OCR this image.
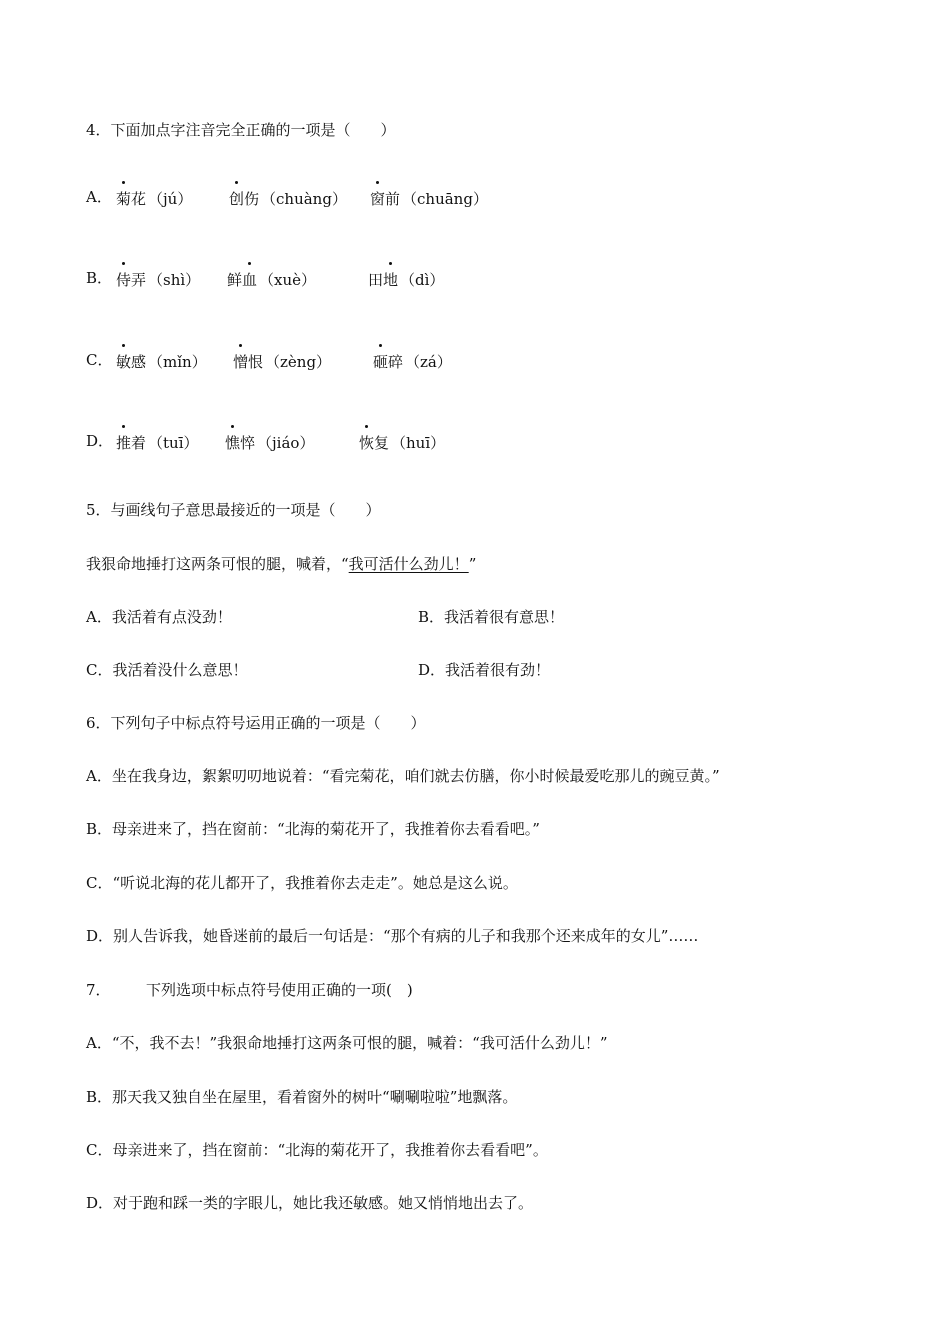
4．下面加点字注音完全正确的一项是（　　）
A． 菊花 （jú） 创伤 （chuàng） 窗前 （chuāng）
B． 侍弄 （shì） 鲜血 （xuè）	田地 （dì）
C． 敏感 （mǐn） 憎恨 （zèng）	砸碎 （zá）
D． 推着 （tuī） 憔悴 （jiáo）	恢复 （huī）
5．与画线句子意思最接近的一项是（　　）
我狠命地捶打这两条可恨的腿，喊着，“我可活什么劲儿！”
A．我活着有点没劲！	B．我活着很有意思！
C．我活着没什么意思！	D．我活着很有劲！
6．下列句子中标点符号运用正确的一项是（　　）
A．坐在我身边，絮絮叨叨地说着：“看完菊花，咱们就去仿膳，你小时候最爱吃那儿的豌豆黄。”
B．母亲进来了，挡在窗前：“北海的菊花开了，我推着你去看看吧。”
C．“听说北海的花儿都开了，我推着你去走走”。她总是这么说。
D．别人告诉我，她昏迷前的最后一句话是：“那个有病的儿子和我那个还来成年的女儿”……
7． 下列选项中标点符号使用正确的一项(　)
A．“不，我不去！”我狠命地捶打这两条可恨的腿，喊着：“我可活什么劲儿！”
B．那天我又独自坐在屋里，看着窗外的树叶“唰唰啦啦”地飘落。
C．母亲进来了，挡在窗前：“北海的菊花开了，我推着你去看看吧”。
D．对于跑和踩一类的字眼儿，她比我还敏感。她又悄悄地出去了。
